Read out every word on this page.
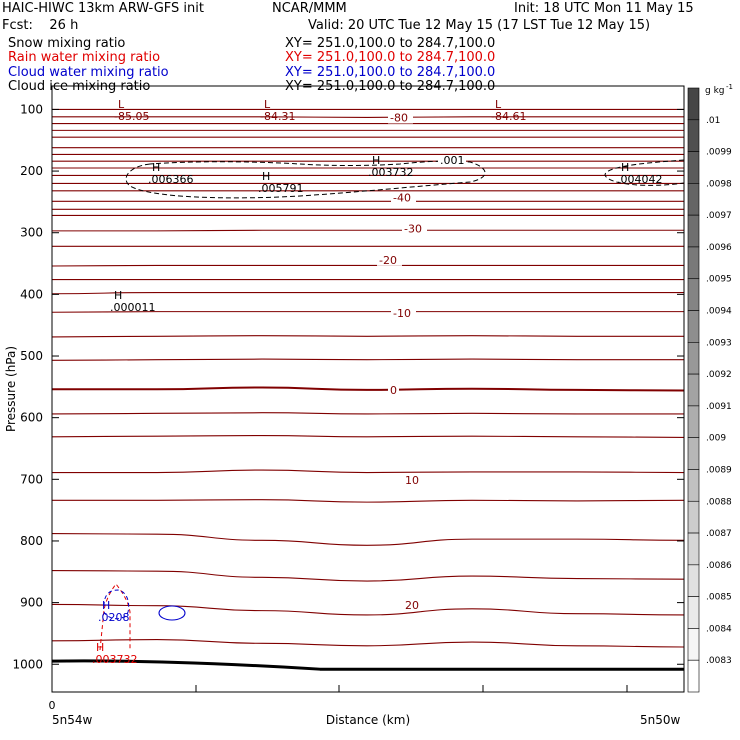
HAIC-HIWC 13km ARW-GFS init	NCAR/MMM	Init: 18 UTC Mon 11 May 15
Fcst:    26 h	Valid: 20 UTC Tue 12 May 15 (17 LST Tue 12 May 15)
Snow mixing ratio	XY= 251.0,100.0 to 284.7,100.0
Rain water mixing ratio	XY= 251.0,100.0 to 284.7,100.0
Cloud water mixing ratio	XY= 251.0,100.0 to 284.7,100.0
Cloud ice mixing ratio	XY= 251.0,100.0 to 284.7,100.0
-80
-40
-30
-20
-10
0
10
20
L
-85.05
L
-84.31
L
-84.61
H
.006366	H
.005791
H
.003732	H
.004042
.001
H
.000011
H
.0208
H
.003732
100
200
300
400
500
600
700
800
900
1000
0
5n54w	5n50w
Distance (km)
Pressure (hPa)
.01
.0099
.0098
.0097
.0096
.0095
.0094
.0093
.0092
.0091
.009
.0089
.0088
.0087
.0086
.0085
.0084
.0083
g kg -1
